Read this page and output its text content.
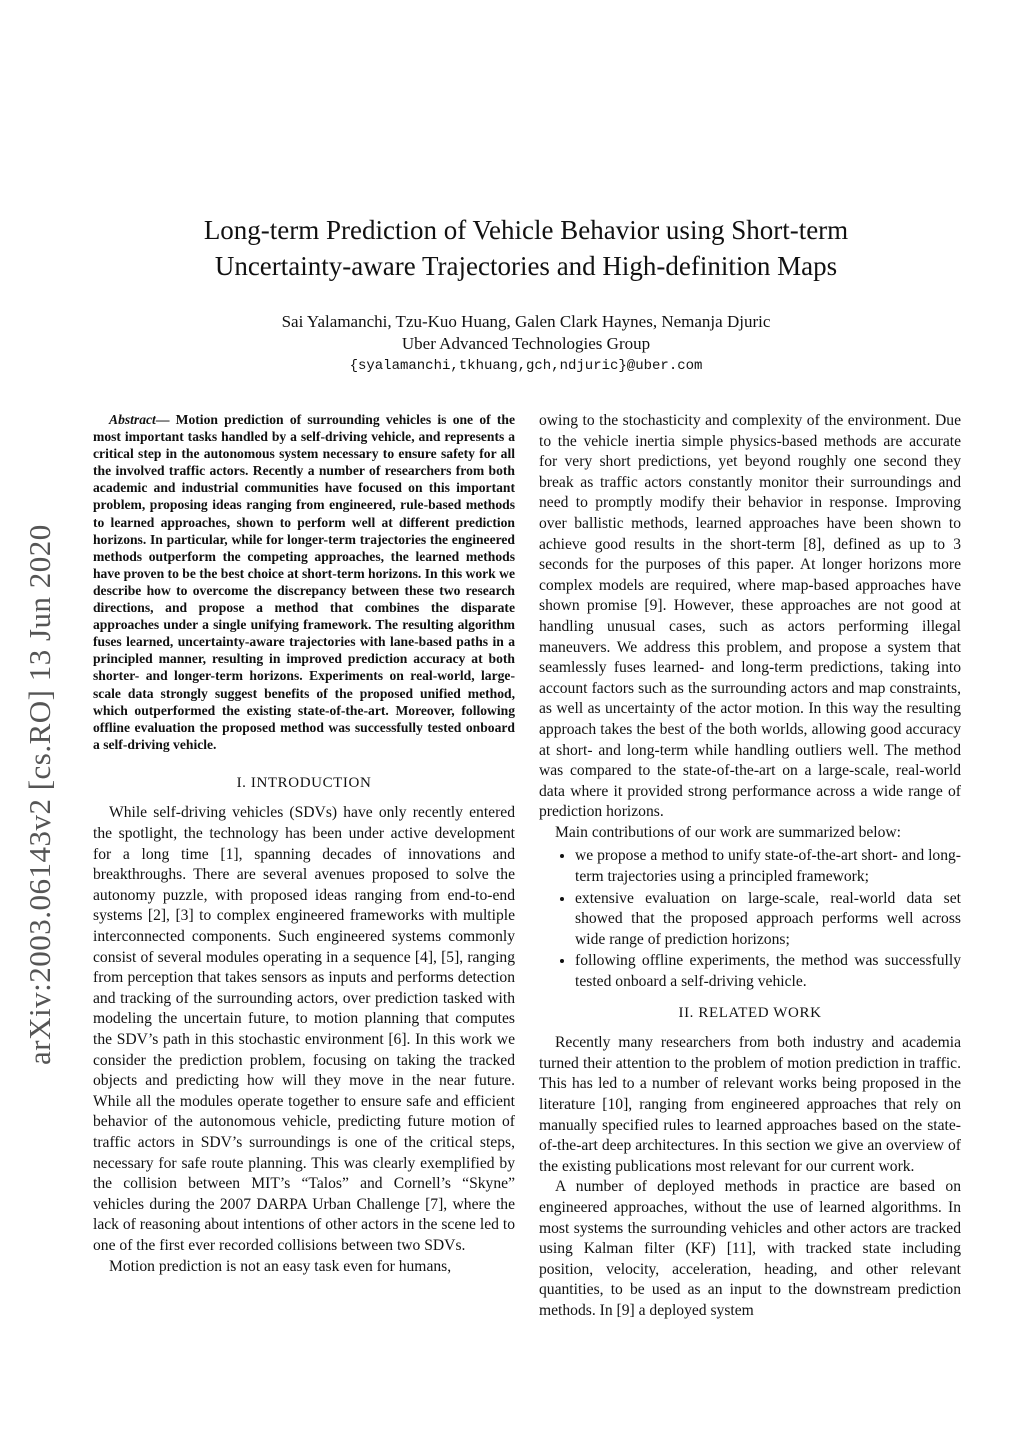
arXiv:2003.06143v2 [cs.RO] 13 Jun 2020
Long-term Prediction of Vehicle Behavior using Short-term
Uncertainty-aware Trajectories and High-definition Maps
Sai Yalamanchi, Tzu-Kuo Huang, Galen Clark Haynes, Nemanja Djuric
Uber Advanced Technologies Group
{syalamanchi,tkhuang,gch,ndjuric}@uber.com
Abstract— Motion prediction of surrounding vehicles is one of the most important tasks handled by a self-driving vehicle, and represents a critical step in the autonomous system necessary to ensure safety for all the involved traffic actors. Recently a number of researchers from both academic and industrial communities have focused on this important problem, proposing ideas ranging from engineered, rule-based methods to learned approaches, shown to perform well at different prediction horizons. In particular, while for longer-term trajectories the engineered methods outperform the competing approaches, the learned methods have proven to be the best choice at short-term horizons. In this work we describe how to overcome the discrepancy between these two research directions, and propose a method that combines the disparate approaches under a single unifying framework. The resulting algorithm fuses learned, uncertainty-aware trajectories with lane-based paths in a principled manner, resulting in improved prediction accuracy at both shorter- and longer-term horizons. Experiments on real-world, large-scale data strongly suggest benefits of the proposed unified method, which outperformed the existing state-of-the-art. Moreover, following offline evaluation the proposed method was successfully tested onboard a self-driving vehicle.
I. INTRODUCTION

While self-driving vehicles (SDVs) have only recently entered the spotlight, the technology has been under active development for a long time [1], spanning decades of innovations and breakthroughs. There are several avenues proposed to solve the autonomy puzzle, with proposed ideas ranging from end-to-end systems [2], [3] to complex engineered frameworks with multiple interconnected components. Such engineered systems commonly consist of several modules operating in a sequence [4], [5], ranging from perception that takes sensors as inputs and performs detection and tracking of the surrounding actors, over prediction tasked with modeling the uncertain future, to motion planning that computes the SDV’s path in this stochastic environment [6]. In this work we consider the prediction problem, focusing on taking the tracked objects and predicting how will they move in the near future. While all the modules operate together to ensure safe and efficient behavior of the autonomous vehicle, predicting future motion of traffic actors in SDV’s surroundings is one of the critical steps, necessary for safe route planning. This was clearly exemplified by the collision between MIT’s “Talos” and Cornell’s “Skyne” vehicles during the 2007 DARPA Urban Challenge [7], where the lack of reasoning about intentions of other actors in the scene led to one of the first ever recorded collisions between two SDVs.

Motion prediction is not an easy task even for humans,

owing to the stochasticity and complexity of the environment. Due to the vehicle inertia simple physics-based methods are accurate for very short predictions, yet beyond roughly one second they break as traffic actors constantly monitor their surroundings and need to promptly modify their behavior in response. Improving over ballistic methods, learned approaches have been shown to achieve good results in the short-term [8], defined as up to 3 seconds for the purposes of this paper. At longer horizons more complex models are required, where map-based approaches have shown promise [9]. However, these approaches are not good at handling unusual cases, such as actors performing illegal maneuvers. We address this problem, and propose a system that seamlessly fuses learned- and long-term predictions, taking into account factors such as the surrounding actors and map constraints, as well as uncertainty of the actor motion. In this way the resulting approach takes the best of the both worlds, allowing good accuracy at short- and long-term while handling outliers well. The method was compared to the state-of-the-art on a large-scale, real-world data where it provided strong performance across a wide range of prediction horizons.

Main contributions of our work are summarized below:

• we propose a method to unify state-of-the-art short- and long-term trajectories using a principled framework;
• extensive evaluation on large-scale, real-world data set showed that the proposed approach performs well across wide range of prediction horizons;
• following offline experiments, the method was successfully tested onboard a self-driving vehicle.
II. RELATED WORK

Recently many researchers from both industry and academia turned their attention to the problem of motion prediction in traffic. This has led to a number of relevant works being proposed in the literature [10], ranging from engineered approaches that rely on manually specified rules to learned approaches based on the state-of-the-art deep architectures. In this section we give an overview of the existing publications most relevant for our current work.

A number of deployed methods in practice are based on engineered approaches, without the use of learned algorithms. In most systems the surrounding vehicles and other actors are tracked using Kalman filter (KF) [11], with tracked state including position, velocity, acceleration, heading, and other relevant quantities, to be used as an input to the downstream prediction methods. In [9] a deployed system
